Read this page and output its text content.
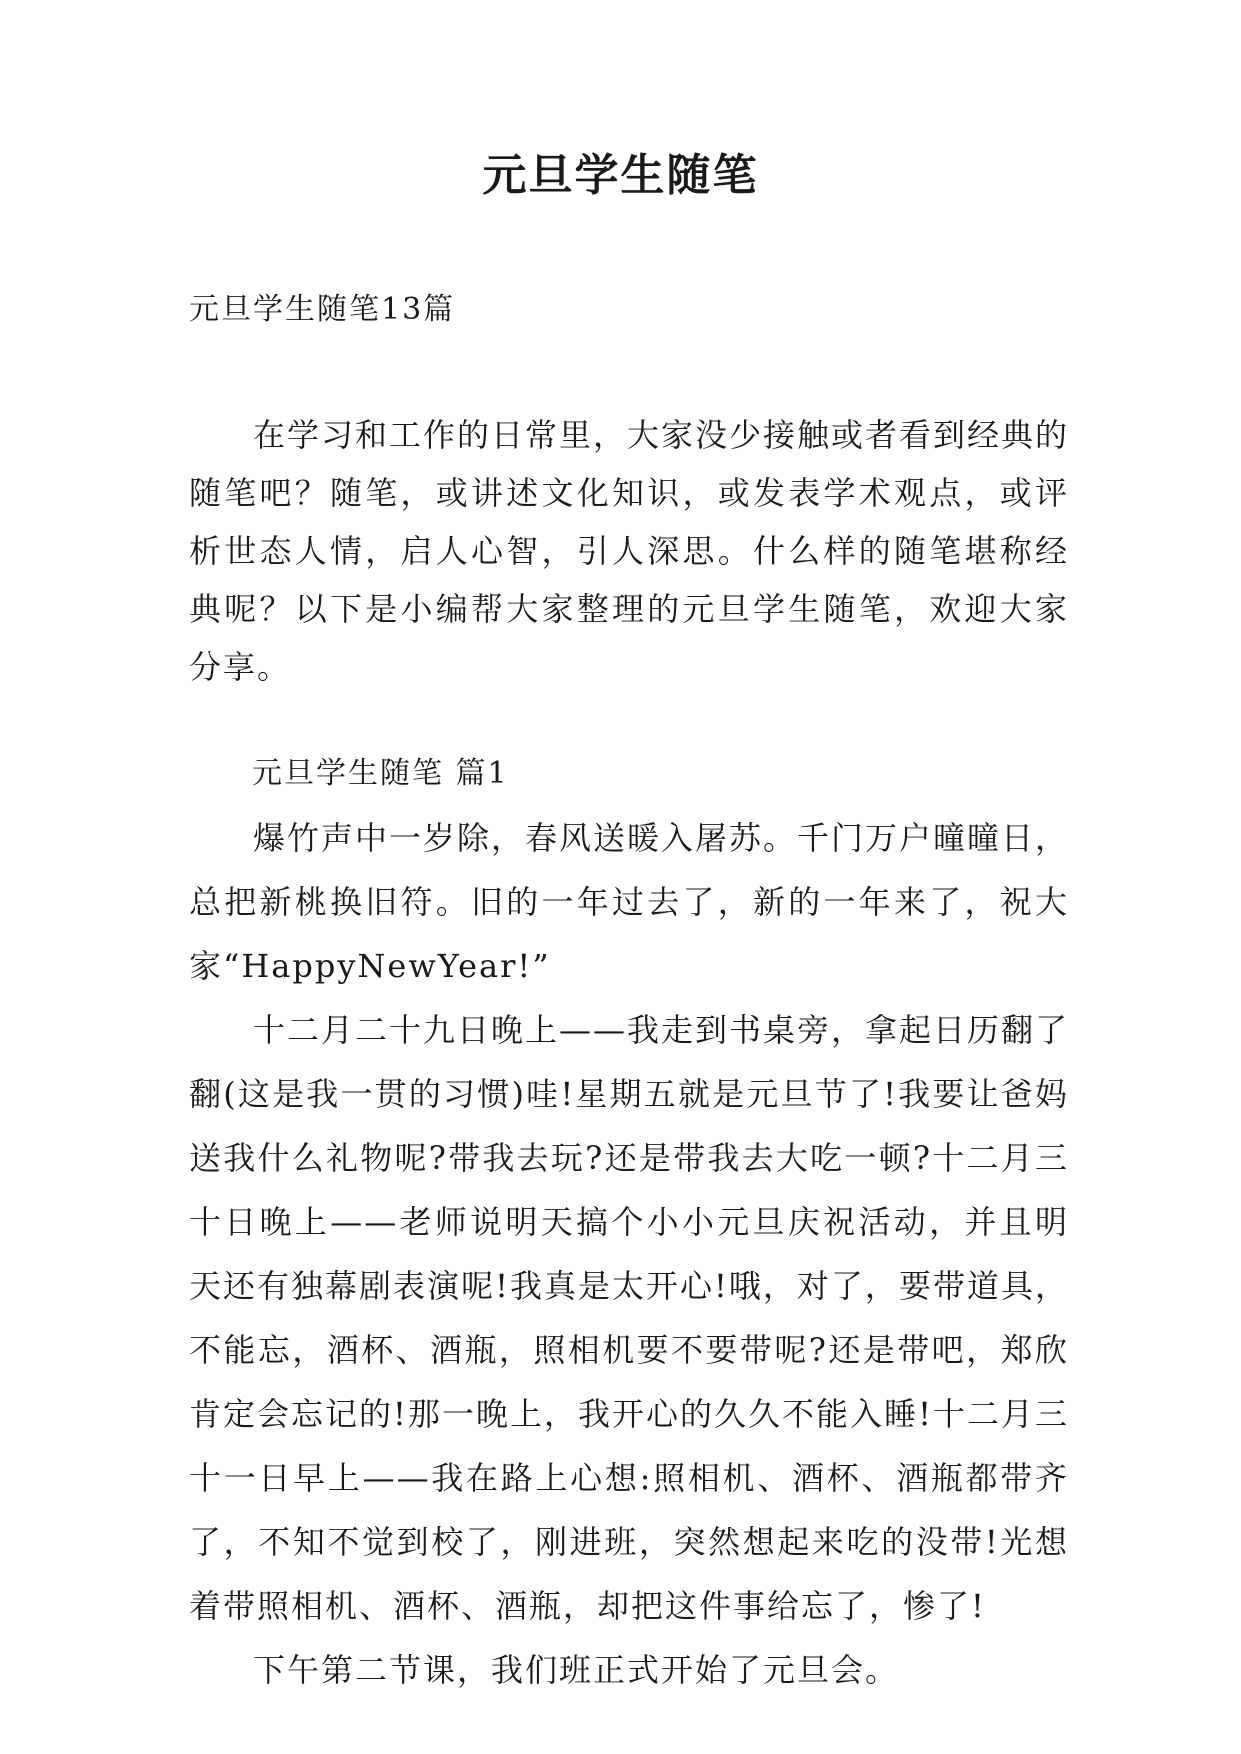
元旦学生随笔
元旦学生随笔13篇

在学习和工作的日常里，大家没少接触或者看到经典的随笔吧？随笔，或讲述文化知识，或发表学术观点，或评析世态人情，启人心智，引人深思。什么样的随笔堪称经典呢？以下是小编帮大家整理的元旦学生随笔，欢迎大家分享。

元旦学生随笔 篇1

爆竹声中一岁除，春风送暖入屠苏。千门万户曈曈日，总把新桃换旧符。旧的一年过去了，新的一年来了，祝大家“HappyNewYear!”

十二月二十九日晚上——我走到书桌旁，拿起日历翻了翻(这是我一贯的习惯)哇!星期五就是元旦节了!我要让爸妈送我什么礼物呢?带我去玩?还是带我去大吃一顿?十二月三十日晚上——老师说明天搞个小小元旦庆祝活动，并且明天还有独幕剧表演呢!我真是太开心!哦，对了，要带道具，不能忘，酒杯、酒瓶，照相机要不要带呢?还是带吧，郑欣肯定会忘记的!那一晚上，我开心的久久不能入睡!十二月三十一日早上——我在路上心想:照相机、酒杯、酒瓶都带齐了，不知不觉到校了，刚进班，突然想起来吃的没带!光想着带照相机、酒杯、酒瓶，却把这件事给忘了，惨了!

下午第二节课，我们班正式开始了元旦会。
